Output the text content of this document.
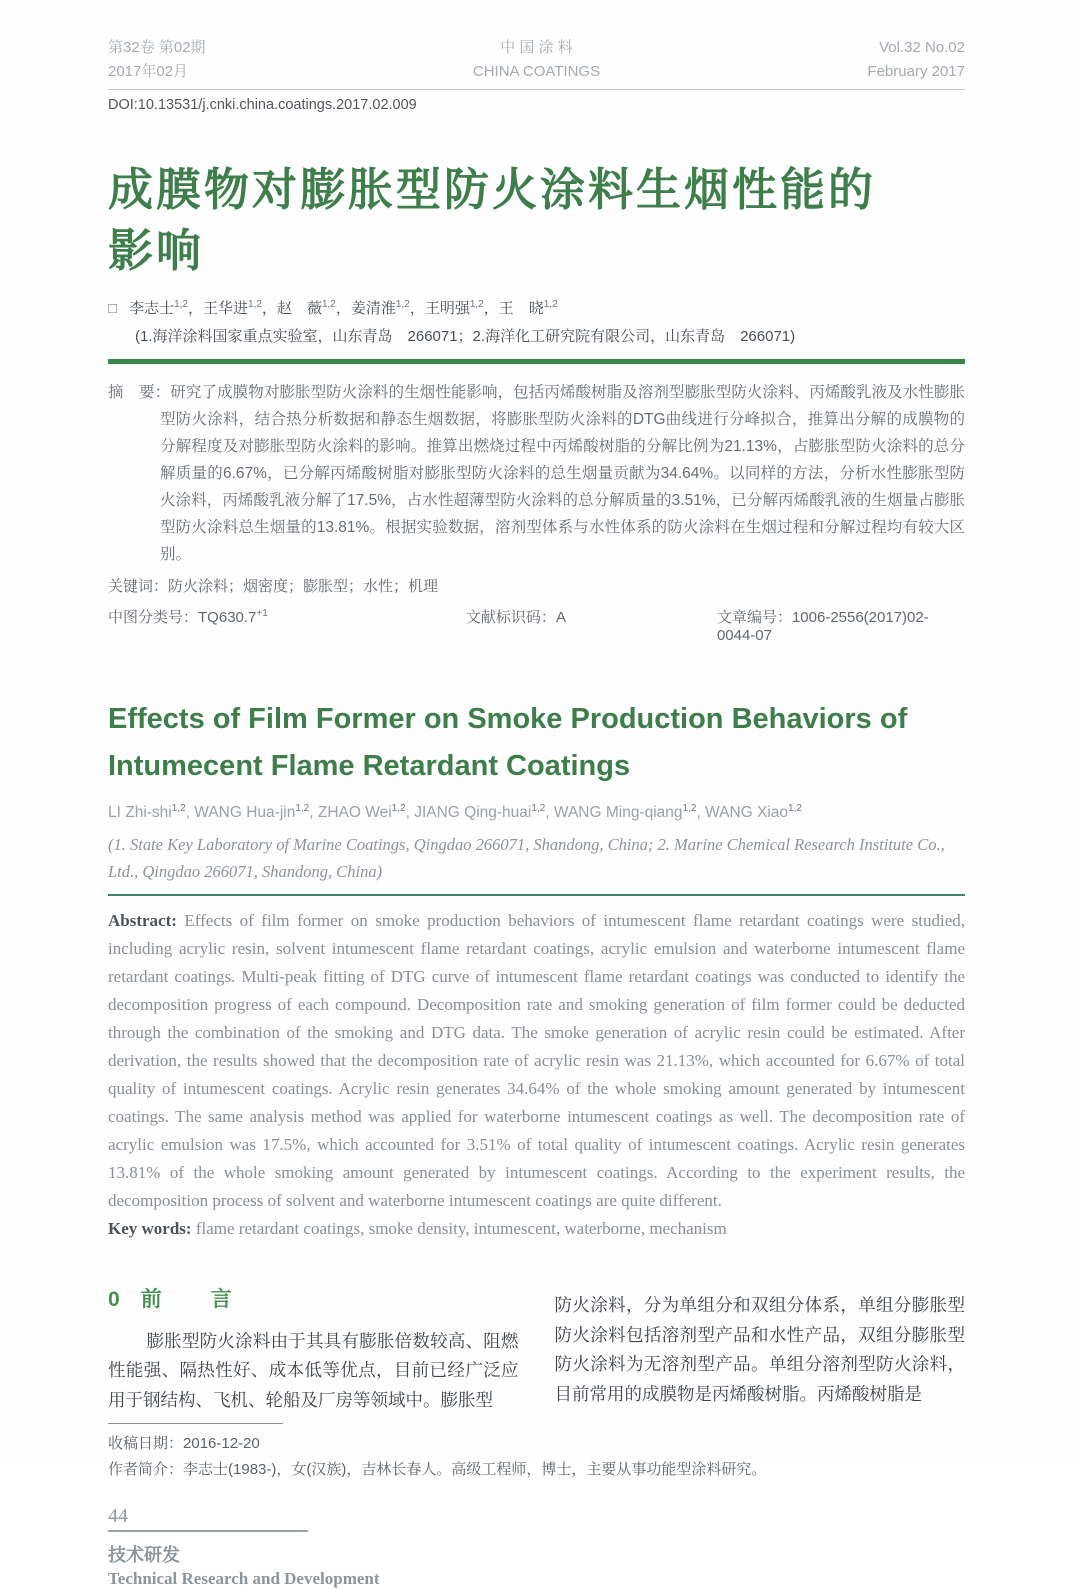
第32卷 第02期
2017年02月
中 国 涂 料
CHINA COATINGS
Vol.32 No.02
February 2017
DOI:10.13531/j.cnki.china.coatings.2017.02.009
成膜物对膨胀型防火涂料生烟性能的
影响
□ 李志士$^{1,2}$，王华进$^{1,2}$，赵　薇$^{1,2}$，姜清淮$^{1,2}$，王明强$^{1,2}$，王　晓$^{1,2}$
(1.海洋涂料国家重点实验室，山东青岛　266071；2.海洋化工研究院有限公司，山东青岛　266071)
摘　要：研究了成膜物对膨胀型防火涂料的生烟性能影响，包括丙烯酸树脂及溶剂型膨胀型防火涂料、丙烯酸乳液及水性膨胀型防火涂料，结合热分析数据和静态生烟数据，将膨胀型防火涂料的DTG曲线进行分峰拟合，推算出分解的成膜物的分解程度及对膨胀型防火涂料的影响。推算出燃烧过程中丙烯酸树脂的分解比例为21.13%，占膨胀型防火涂料的总分解质量的6.67%，已分解丙烯酸树脂对膨胀型防火涂料的总生烟量贡献为34.64%。以同样的方法，分析水性膨胀型防火涂料，丙烯酸乳液分解了17.5%，占水性超薄型防火涂料的总分解质量的3.51%，已分解丙烯酸乳液的生烟量占膨胀型防火涂料总生烟量的13.81%。根据实验数据，溶剂型体系与水性体系的防火涂料在生烟过程和分解过程均有较大区别。
关键词：防火涂料；烟密度；膨胀型；水性；机理
中图分类号：$TQ630.7^{+1}$	文献标识码：A	文章编号：1006-2556(2017)02-0044-07
Effects of Film Former on Smoke Production Behaviors of
Intumecent Flame Retardant Coatings
LI Zhi-shi$^{1,2}$, WANG Hua-jin$^{1,2}$, ZHAO Wei$^{1,2}$, JIANG Qing-huai$^{1,2}$, WANG Ming-qiang$^{1,2}$, WANG Xiao$^{1,2}$
(1. State Key Laboratory of Marine Coatings, Qingdao 266071, Shandong, China; 2. Marine Chemical Research Institute Co., Ltd., Qingdao 266071, Shandong, China)

Abstract: Effects of film former on smoke production behaviors of intumescent flame retardant coatings were studied, including acrylic resin, solvent intumescent flame retardant coatings, acrylic emulsion and waterborne intumescent flame retardant coatings. Multi-peak fitting of DTG curve of intumescent flame retardant coatings was conducted to identify the decomposition progress of each compound. Decomposition rate and smoking generation of film former could be deducted through the combination of the smoking and DTG data. The smoke generation of acrylic resin could be estimated. After derivation, the results showed that the decomposition rate of acrylic resin was 21.13%, which accounted for 6.67% of total quality of intumescent coatings. Acrylic resin generates 34.64% of the whole smoking amount generated by intumescent coatings. The same analysis method was applied for waterborne intumescent coatings as well. The decomposition rate of acrylic emulsion was 17.5%, which accounted for 3.51% of total quality of intumescent coatings. Acrylic resin generates 13.81% of the whole smoking amount generated by intumescent coatings. According to the experiment results, the decomposition process of solvent and waterborne intumescent coatings are quite different.

Key words: flame retardant coatings, smoke density, intumescent, waterborne, mechanism

0 前　言

膨胀型防火涂料由于其具有膨胀倍数较高、阻燃性能强、隔热性好、成本低等优点，目前已经广泛应用于钢结构、飞机、轮船及厂房等领域中。膨胀型

防火涂料，分为单组分和双组分体系，单组分膨胀型防火涂料包括溶剂型产品和水性产品，双组分膨胀型防火涂料为无溶剂型产品。单组分溶剂型防火涂料，目前常用的成膜物是丙烯酸树脂。丙烯酸树脂是

收稿日期：2016-12-20
作者简介：李志士(1983-)，女(汉族)，吉林长春人。高级工程师，博士，主要从事功能型涂料研究。
44
技术研发
Technical Research and Development
